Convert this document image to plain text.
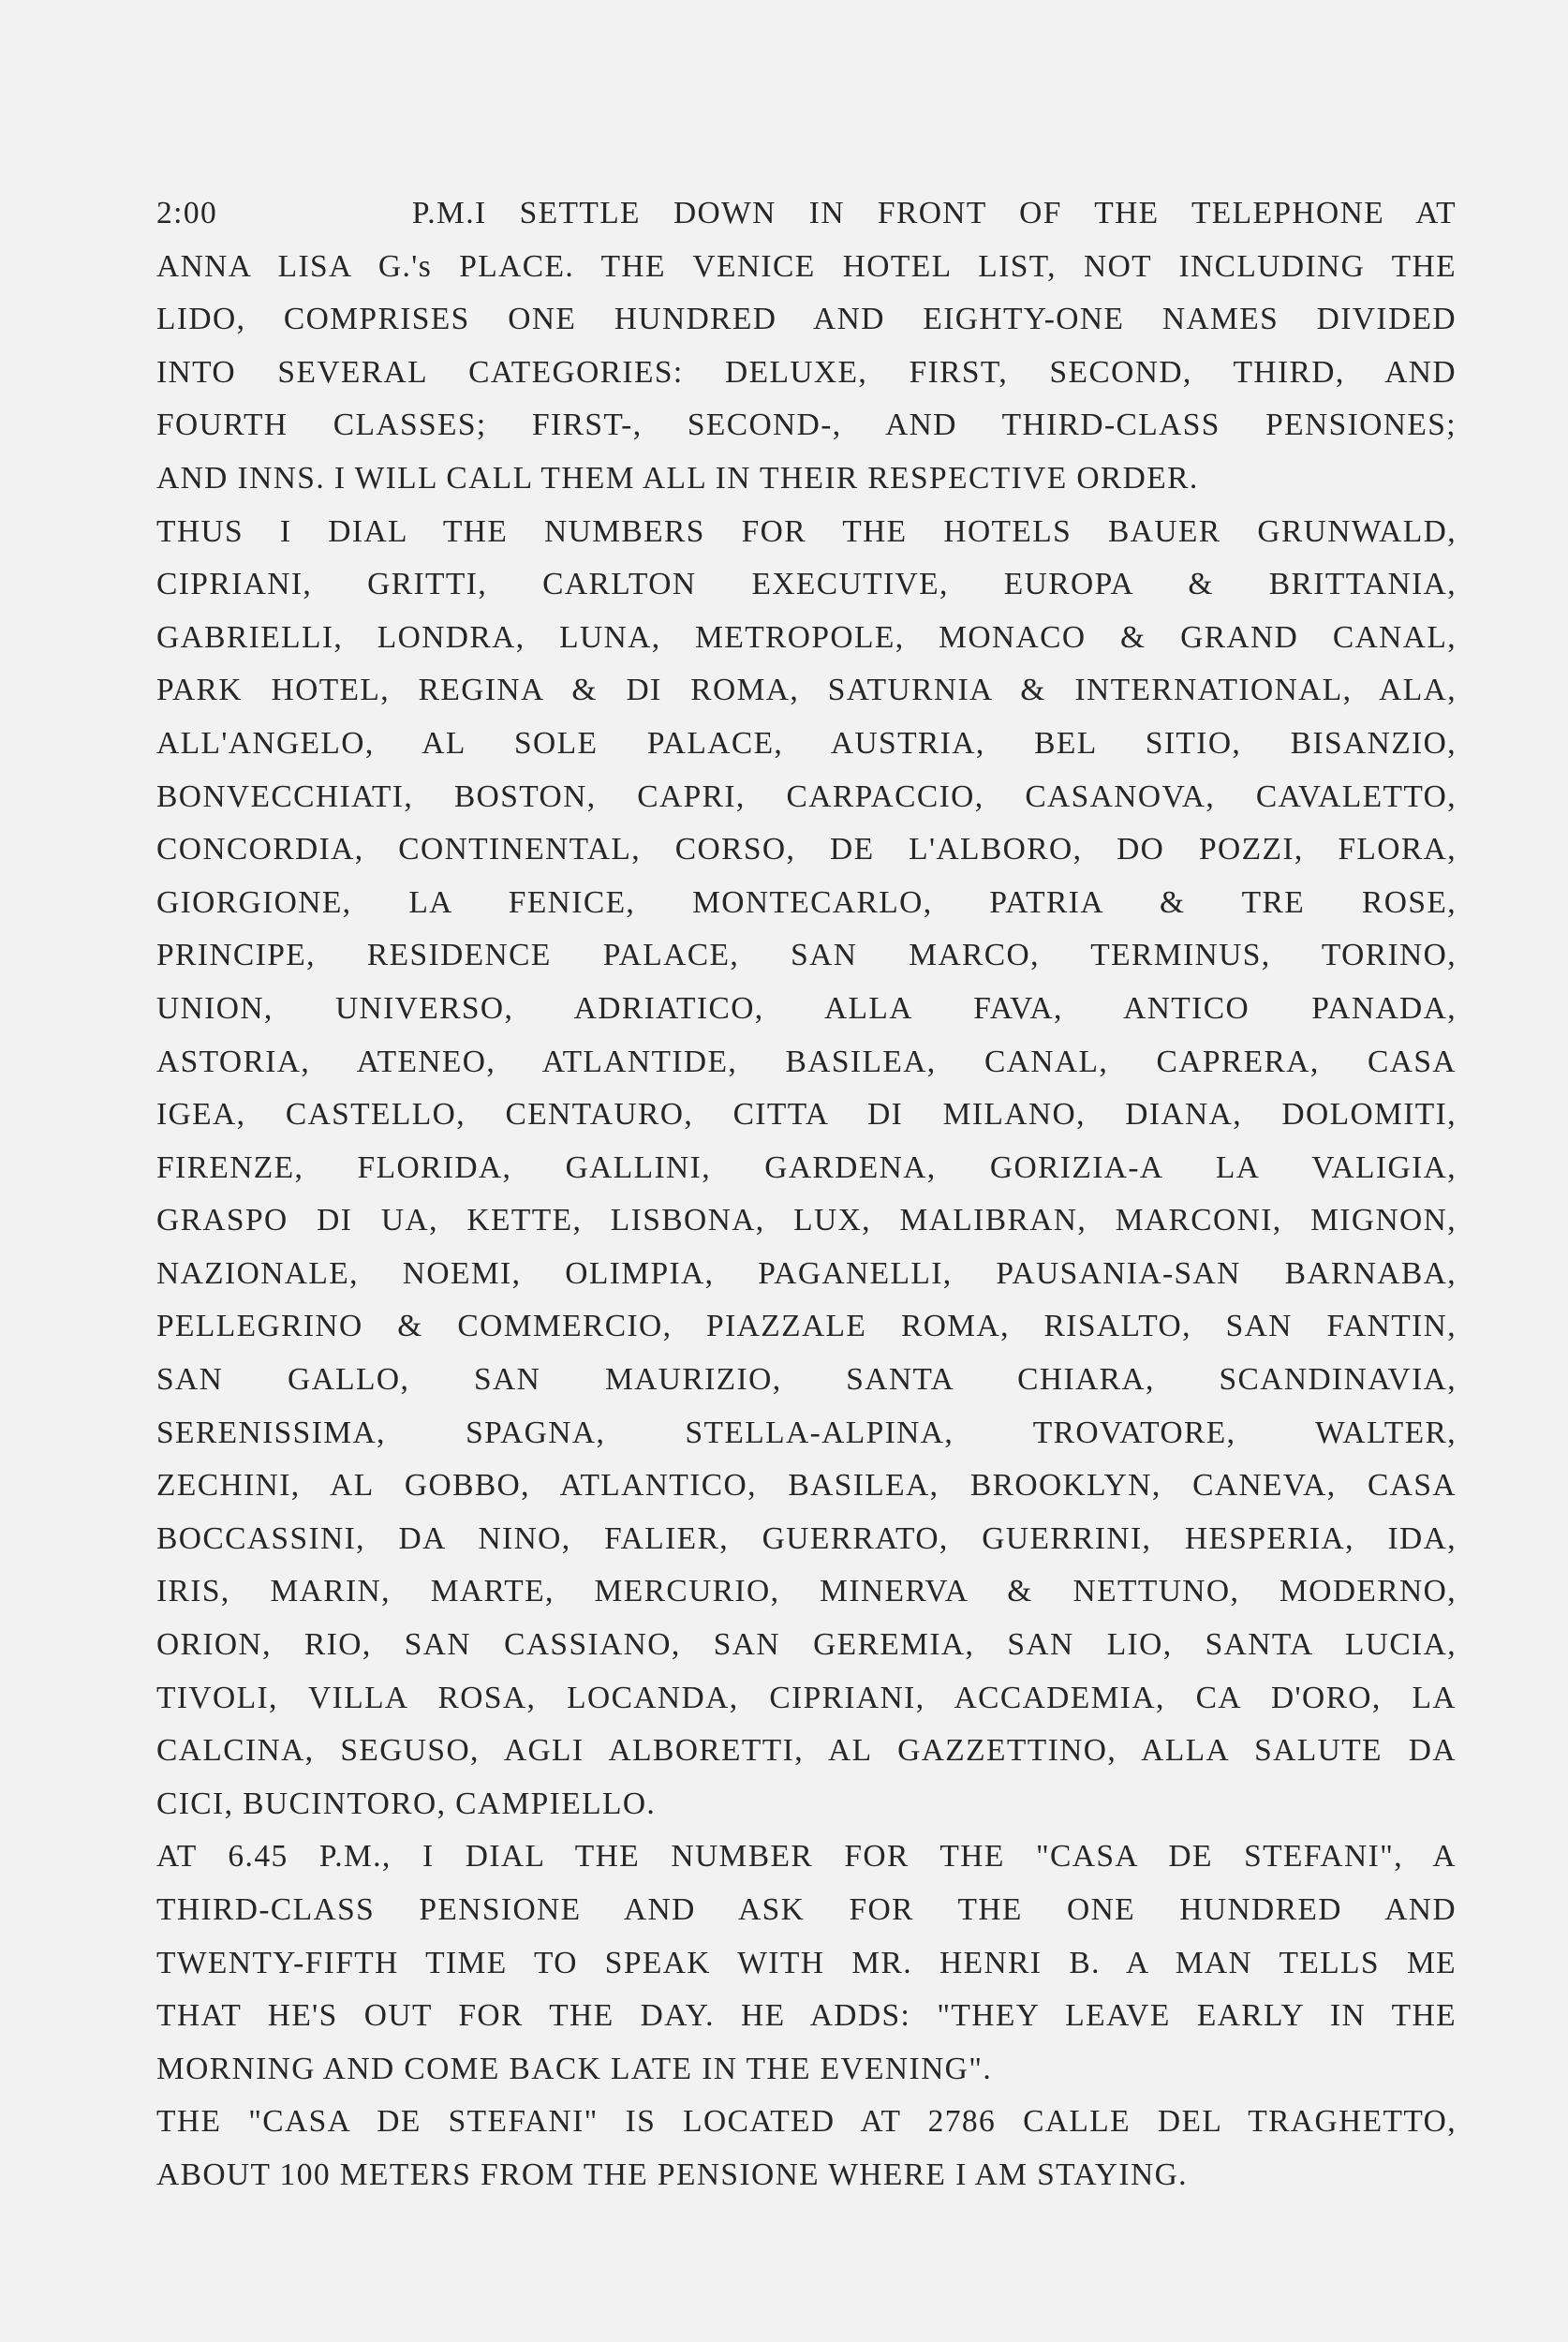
2:00 P.M. I SETTLE DOWN IN FRONT OF THE TELEPHONE AT
ANNA LISA G.'s PLACE. THE VENICE HOTEL LIST, NOT INCLUDING THE
LIDO, COMPRISES ONE HUNDRED AND EIGHTY-ONE NAMES DIVIDED
INTO SEVERAL CATEGORIES: DELUXE, FIRST, SECOND, THIRD, AND
FOURTH CLASSES; FIRST-, SECOND-, AND THIRD-CLASS PENSIONES;
AND INNS. I WILL CALL THEM ALL IN THEIR RESPECTIVE ORDER.
THUS I DIAL THE NUMBERS FOR THE HOTELS BAUER GRUNWALD,
CIPRIANI, GRITTI, CARLTON EXECUTIVE, EUROPA & BRITTANIA,
GABRIELLI, LONDRA, LUNA, METROPOLE, MONACO & GRAND CANAL,
PARK HOTEL, REGINA & DI ROMA, SATURNIA & INTERNATIONAL, ALA,
ALL'ANGELO, AL SOLE PALACE, AUSTRIA, BEL SITIO, BISANZIO,
BONVECCHIATI, BOSTON, CAPRI, CARPACCIO, CASANOVA, CAVALETTO,
CONCORDIA, CONTINENTAL, CORSO, DE L'ALBORO, DO POZZI, FLORA,
GIORGIONE, LA FENICE, MONTECARLO, PATRIA & TRE ROSE,
PRINCIPE, RESIDENCE PALACE, SAN MARCO, TERMINUS, TORINO,
UNION, UNIVERSO, ADRIATICO, ALLA FAVA, ANTICO PANADA,
ASTORIA, ATENEO, ATLANTIDE, BASILEA, CANAL, CAPRERA, CASA
IGEA, CASTELLO, CENTAURO, CITTA DI MILANO, DIANA, DOLOMITI,
FIRENZE, FLORIDA, GALLINI, GARDENA, GORIZIA-A LA VALIGIA,
GRASPO DI UA, KETTE, LISBONA, LUX, MALIBRAN, MARCONI, MIGNON,
NAZIONALE, NOEMI, OLIMPIA, PAGANELLI, PAUSANIA-SAN BARNABA,
PELLEGRINO & COMMERCIO, PIAZZALE ROMA, RISALTO, SAN FANTIN,
SAN GALLO, SAN MAURIZIO, SANTA CHIARA, SCANDINAVIA,
SERENISSIMA, SPAGNA, STELLA-ALPINA, TROVATORE, WALTER,
ZECHINI, AL GOBBO, ATLANTICO, BASILEA, BROOKLYN, CANEVA, CASA
BOCCASSINI, DA NINO, FALIER, GUERRATO, GUERRINI, HESPERIA, IDA,
IRIS, MARIN, MARTE, MERCURIO, MINERVA & NETTUNO, MODERNO,
ORION, RIO, SAN CASSIANO, SAN GEREMIA, SAN LIO, SANTA LUCIA,
TIVOLI, VILLA ROSA, LOCANDA, CIPRIANI, ACCADEMIA, CA D'ORO, LA
CALCINA, SEGUSO, AGLI ALBORETTI, AL GAZZETTINO, ALLA SALUTE DA
CICI, BUCINTORO, CAMPIELLO.
AT 6.45 P.M., I DIAL THE NUMBER FOR THE "CASA DE STEFANI", A
THIRD-CLASS PENSIONE AND ASK FOR THE ONE HUNDRED AND
TWENTY-FIFTH TIME TO SPEAK WITH MR. HENRI B. A MAN TELLS ME
THAT HE'S OUT FOR THE DAY. HE ADDS: "THEY LEAVE EARLY IN THE
MORNING AND COME BACK LATE IN THE EVENING".
THE "CASA DE STEFANI" IS LOCATED AT 2786 CALLE DEL TRAGHETTO,
ABOUT 100 METERS FROM THE PENSIONE WHERE I AM STAYING.
